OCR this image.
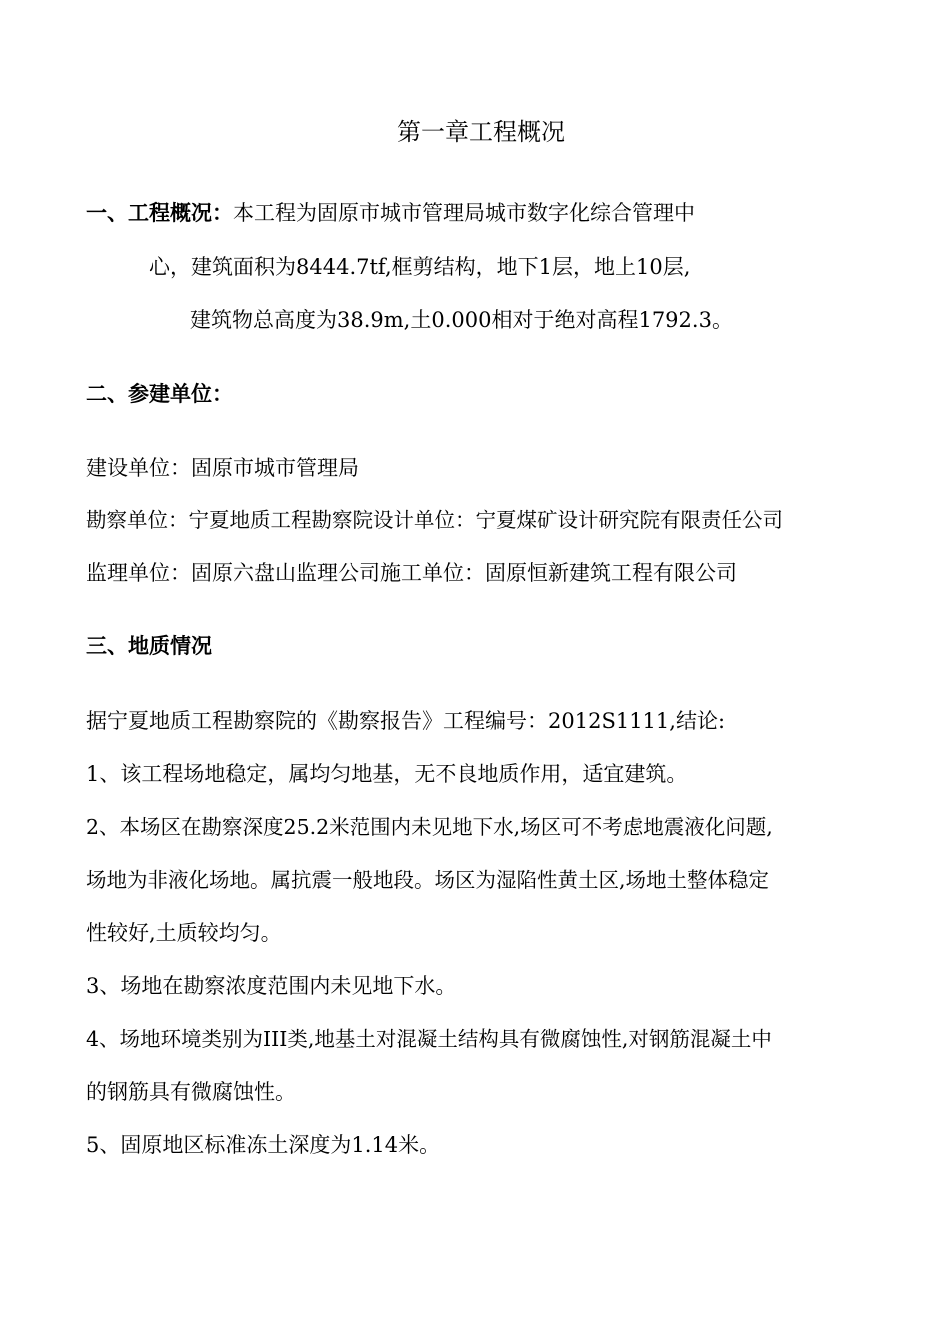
第一章工程概况
一、工程概况：本工程为固原市城市管理局城市数字化综合管理中
心，建筑面积为8444.7tf,框剪结构，地下1层，地上10层,
建筑物总高度为38.9m,土0.000相对于绝对高程1792.3。
二、参建单位：
建设单位：固原市城市管理局
勘察单位：宁夏地质工程勘察院设计单位：宁夏煤矿设计研究院有限责任公司
监理单位：固原六盘山监理公司施工单位：固原恒新建筑工程有限公司
三、地质情况
据宁夏地质工程勘察院的《勘察报告》工程编号：2012S1111,结论:
1、该工程场地稳定，属均匀地基，无不良地质作用，适宜建筑。
2、本场区在勘察深度25.2米范围内未见地下水,场区可不考虑地震液化问题,
场地为非液化场地。属抗震一般地段。场区为湿陷性黄土区,场地土整体稳定
性较好,土质较均匀。
3、场地在勘察浓度范围内未见地下水。
4、场地环境类别为III类,地基土对混凝土结构具有微腐蚀性,对钢筋混凝土中
的钢筋具有微腐蚀性。
5、固原地区标准冻土深度为1.14米。
